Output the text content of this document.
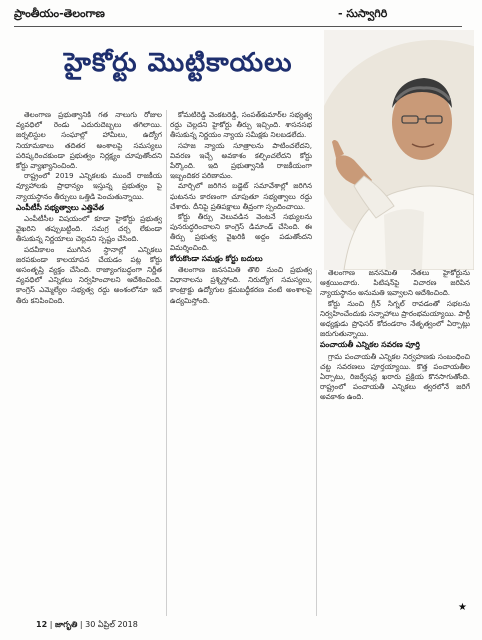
ప్రాంతీయం-తెలంగాణ	- సుస్వాగిరి
హైకోర్టు మొట్టికాయలు

తెలంగాణ ప్రభుత్వానికి గత నాలుగు రోజుల వ్యవధిలో రెండు ఎదురుదెబ్బలు తగిలాయి. జర్నలిస్టుల సంఘాల్లో హామీలు, ఉద్యోగ నియామకాలు తదితర అంశాలపై సమస్యలు పరిష్కరించకుండా ప్రభుత్వం నిర్లక్ష్యం చూపుతోందని కోర్టు వ్యాఖ్యానించింది.

రాష్ట్రంలో 2019 ఎన్నికలకు ముందే రాజకీయ వ్యూహాలకు ప్రాధాన్యం ఇస్తున్న ప్రభుత్వం పై న్యాయస్థానం తీర్పులు ఒత్తిడి పెంచుతున్నాయి.

ఎంపీటీసీ సభ్యత్వాలు ఎత్తివేత

ఎంపీటీసీల విషయంలో కూడా హైకోర్టు ప్రభుత్వ వైఖరిని తప్పుబట్టింది. సమగ్ర చర్చ లేకుండా తీసుకున్న నిర్ణయాలు చెల్లవని స్పష్టం చేసింది.

పదవీకాలం ముగిసిన స్థానాల్లో ఎన్నికలు జరపకుండా కాలయాపన చేయడం పట్ల కోర్టు అసంతృప్తి వ్యక్తం చేసింది. రాజ్యాంగబద్ధంగా నిర్ణీత వ్యవధిలో ఎన్నికలు నిర్వహించాలని ఆదేశించింది. కాంగ్రెస్ ఎమ్మెల్యేల సభ్యత్వ రద్దు అంశంలోనూ ఇదే తీరు కనిపించింది.

కోమటిరెడ్డి వెంకటరెడ్డి, సంపత్‌కుమార్‌ల సభ్యత్వ రద్దు చెల్లదని హైకోర్టు తీర్పు ఇచ్చింది. శాసనసభ తీసుకున్న నిర్ణయం న్యాయ సమీక్షకు నిలబడలేదు.

సహజ న్యాయ సూత్రాలను పాటించలేదని, వివరణ ఇచ్చే అవకాశం కల్పించలేదని కోర్టు పేర్కొంది. ఇది ప్రభుత్వానికి రాజకీయంగా ఇబ్బందికర పరిణామం.

మార్చిలో జరిగిన బడ్జెట్ సమావేశాల్లో జరిగిన ఘటనను కారణంగా చూపుతూ సభ్యత్వాలు రద్దు చేశారు. దీనిపై ప్రతిపక్షాలు తీవ్రంగా స్పందించాయి.

కోర్టు తీర్పు వెలువడిన వెంటనే సభ్యులను పునరుద్ధరించాలని కాంగ్రెస్ డిమాండ్ చేసింది. ఈ తీర్పు ప్రభుత్వ వైఖరికి అద్దం పడుతోందని విమర్శించింది.

కోరుకొండా సమక్షం కోర్టు బదులు

తెలంగాణ జనసమితి తొలి నుంచి ప్రభుత్వ విధానాలను ప్రశ్నిస్తోంది. నిరుద్యోగ సమస్యలు, కాంట్రాక్టు ఉద్యోగుల క్రమబద్ధీకరణ వంటి అంశాలపై ఉద్యమిస్తోంది.

తెలంగాణ జనసమితి నేతలు హైకోర్టును ఆశ్రయించారు. పిటిషన్‌పై విచారణ జరిపిన న్యాయస్థానం అనుమతి ఇవ్వాలని ఆదేశించింది.

కోర్టు నుంచి గ్రీన్ సిగ్నల్ రావడంతో సభలను నిర్వహించేందుకు సన్నాహాలు ప్రారంభమయ్యాయి. పార్టీ అధ్యక్షుడు ప్రొఫెసర్ కోదండరాం నేతృత్వంలో ఏర్పాట్లు జరుగుతున్నాయి.

పంచాయతీ ఎన్నికల సవరణ పూర్తి

గ్రామ పంచాయతీ ఎన్నికల నిర్వహణకు సంబంధించి చట్ట సవరణలు పూర్తయ్యాయి. కొత్త పంచాయతీల ఏర్పాటు, రిజర్వేషన్ల ఖరారు ప్రక్రియ కొనసాగుతోంది. రాష్ట్రంలో పంచాయతీ ఎన్నికలు త్వరలోనే జరిగే అవకాశం ఉంది.

★
12 | జాగృతి | 30 ఏప్రిల్ 2018
